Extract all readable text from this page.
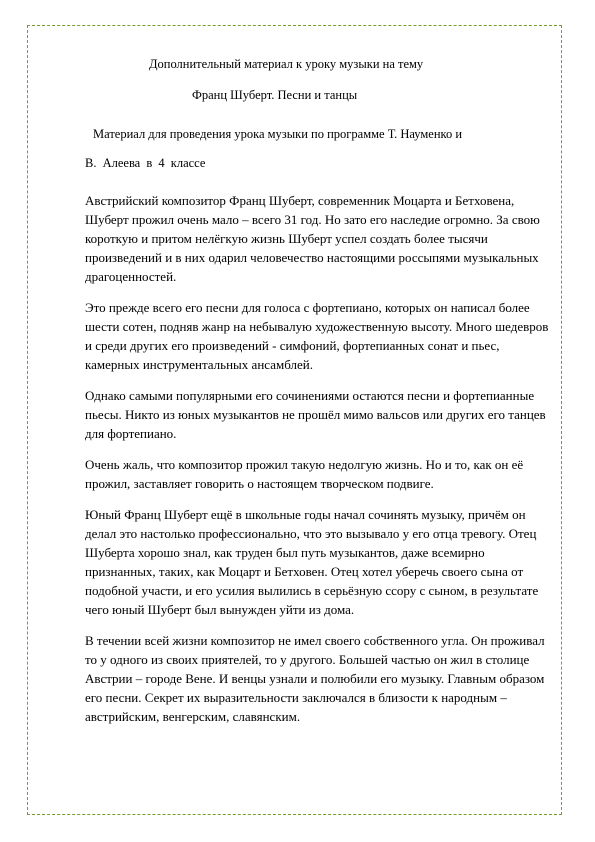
Дополнительный материал к уроку музыки на тему

Франц Шуберт. Песни и танцы

Материал для проведения урока музыки по программе Т. Науменко и

В. Алеева в 4 классе

Австрийский композитор Франц Шуберт, современник Моцарта и Бетховена, Шуберт прожил очень мало – всего 31 год. Но зато его наследие огромно. За свою короткую и притом нелёгкую жизнь Шуберт успел создать более тысячи произведений и в них одарил человечество настоящими россыпями музыкальных драгоценностей.

Это прежде всего его песни для голоса с фортепиано, которых он написал более шести сотен, подняв жанр на небывалую художественную высоту. Много шедевров и среди других его произведений - симфоний, фортепианных сонат и пьес, камерных инструментальных ансамблей.

Однако самыми популярными его сочинениями остаются песни и фортепианные пьесы. Никто из юных музыкантов не прошёл мимо вальсов или других его танцев для фортепиано.

Очень жаль, что композитор прожил такую недолгую жизнь. Но и то, как он её прожил, заставляет говорить о настоящем творческом подвиге.

Юный Франц Шуберт ещё в школьные годы начал сочинять музыку, причём он делал это настолько профессионально, что это вызывало у его отца тревогу. Отец Шуберта хорошо знал, как труден был путь музыкантов, даже всемирно признанных, таких, как Моцарт и Бетховен. Отец хотел уберечь своего сына от подобной участи, и его усилия вылились в серьёзную ссору с сыном, в результате чего юный Шуберт был вынужден уйти из дома.

В течении всей жизни композитор не имел своего собственного угла. Он проживал то у одного из своих приятелей, то у другого. Большей частью он жил в столице Австрии – городе Вене. И венцы узнали и полюбили его музыку. Главным образом его песни. Секрет их выразительности заключался в близости к народным – австрийским, венгерским, славянским.
